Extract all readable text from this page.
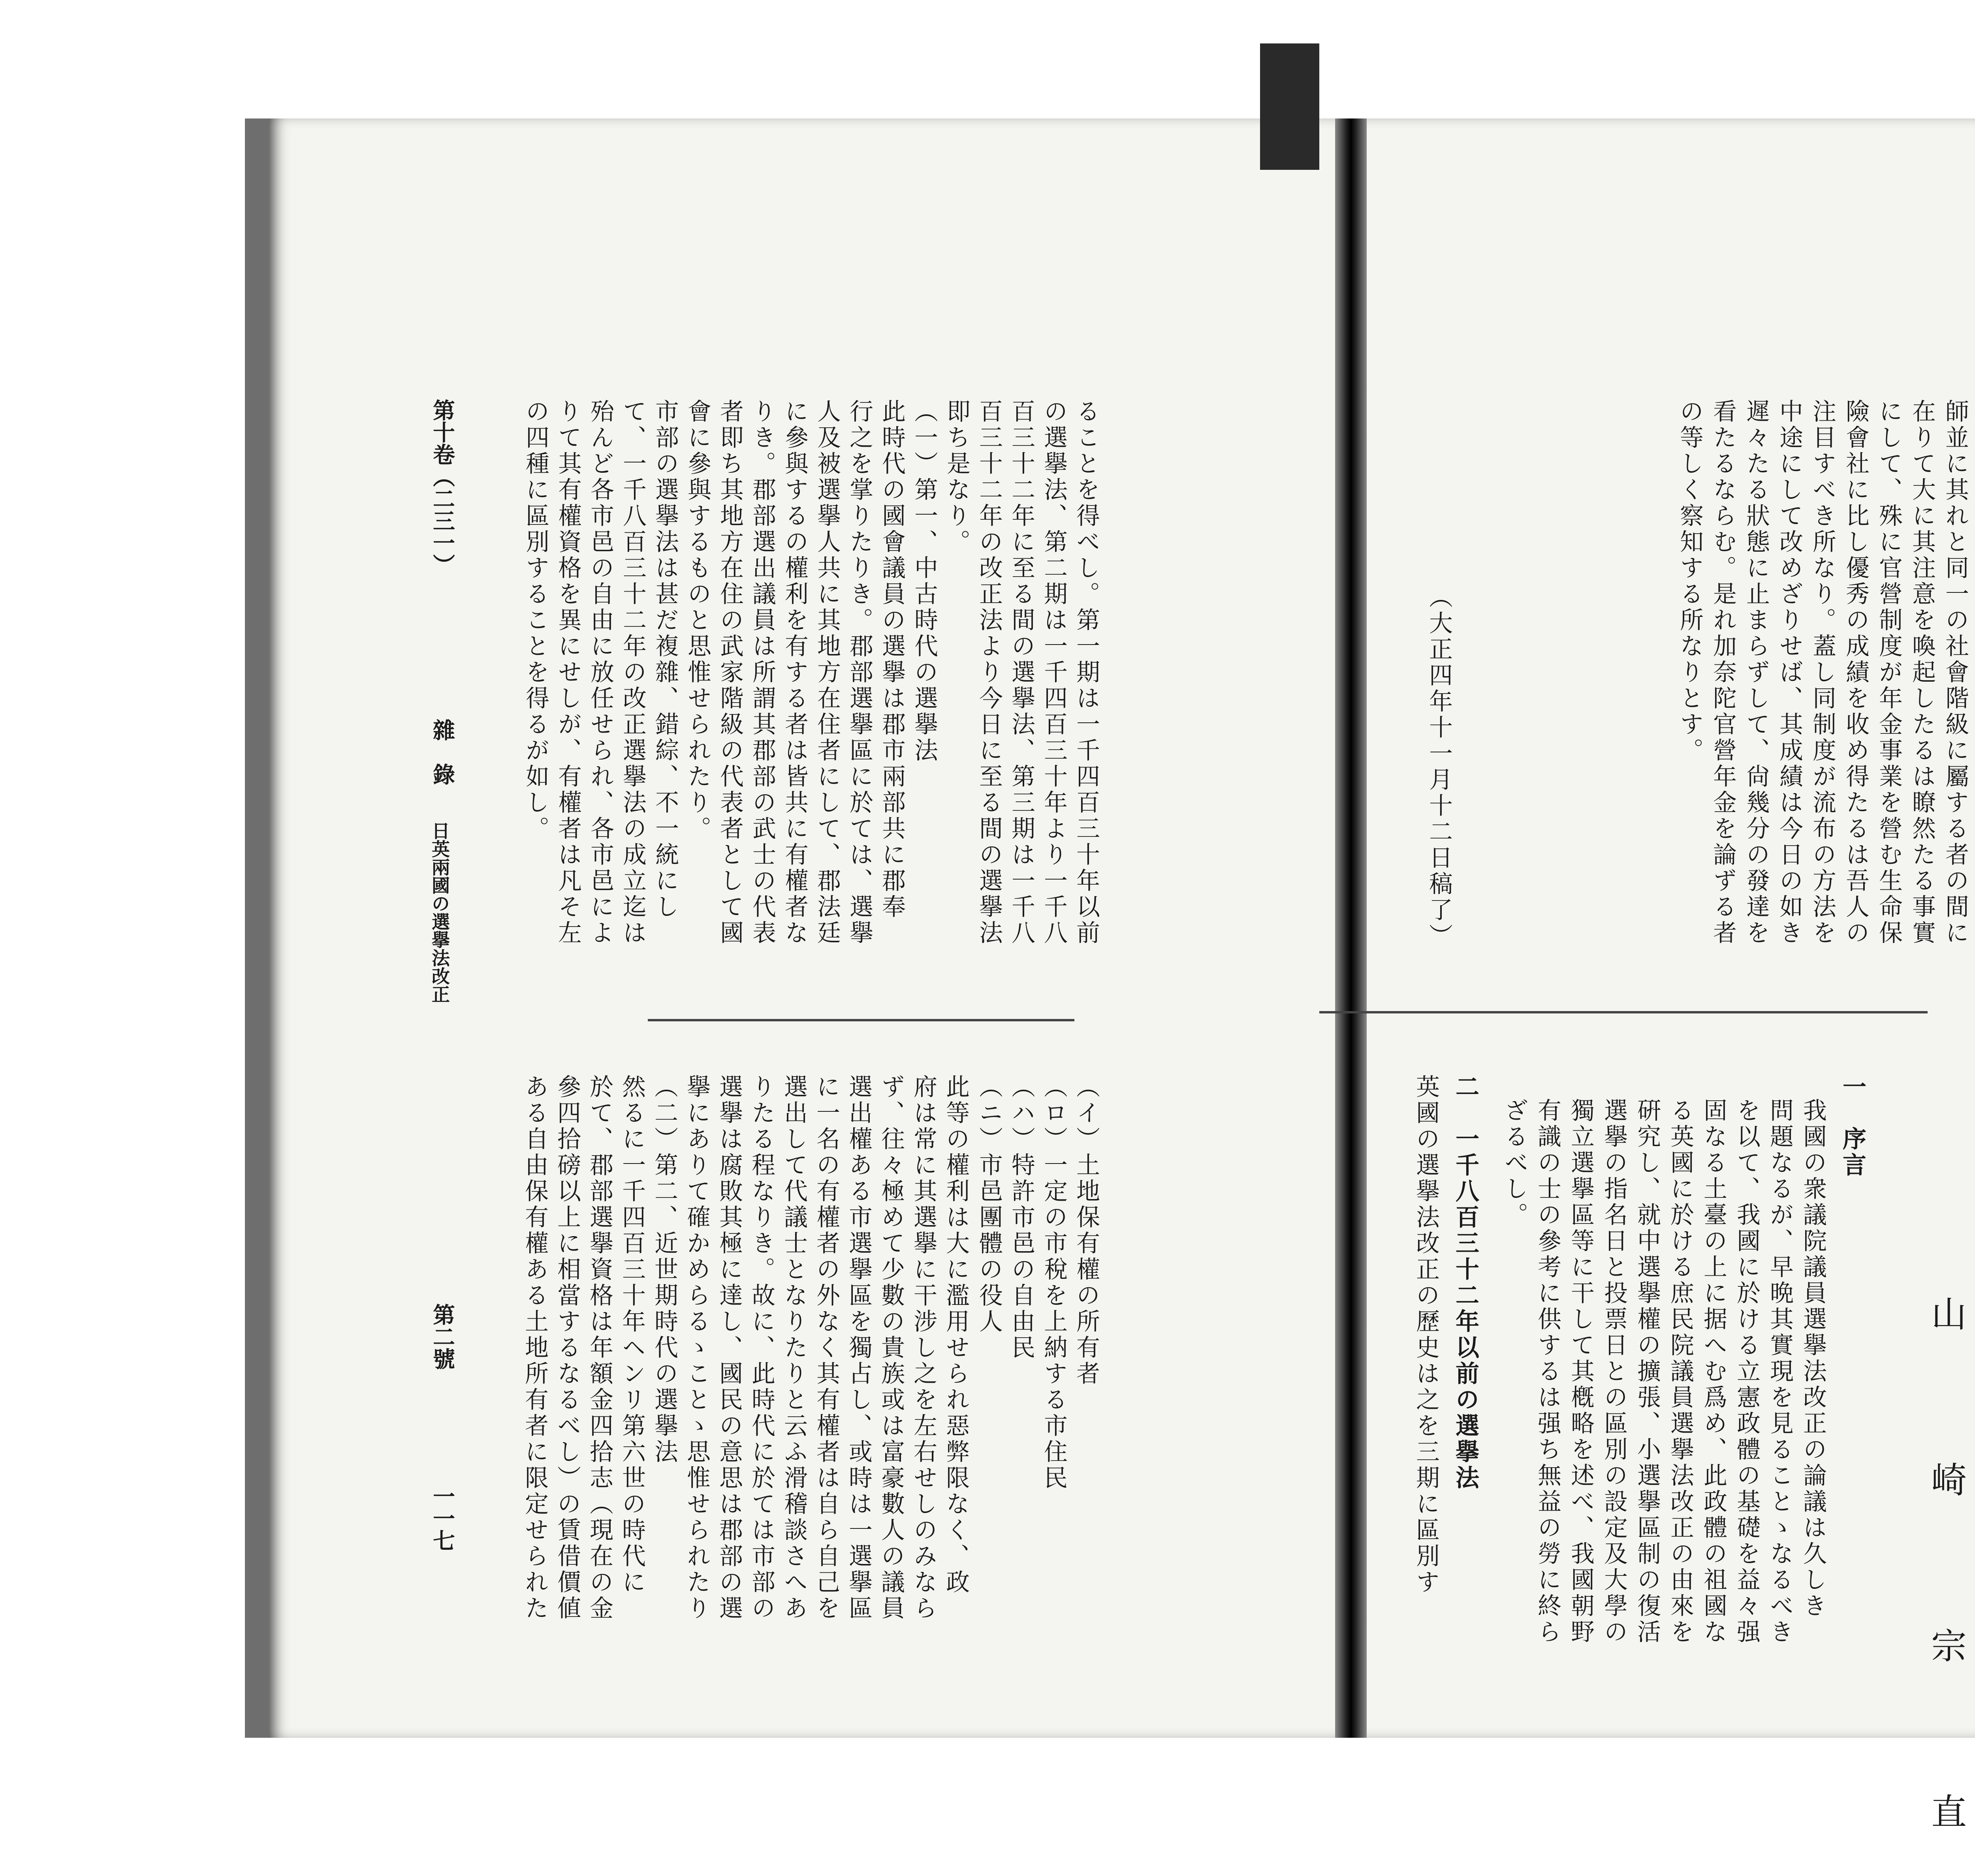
山　崎　宗　直
（大正四年十一月十二日稿了）
第十卷（二三一）
雜　錄
日英兩國の選擧法改正
第二號
一一七
師並に其れと同一の社會階級に屬する者の間に
在りて大に其注意を喚起したるは瞭然たる事實
にして、殊に官營制度が年金事業を營む生命保
險會社に比し優秀の成績を收め得たるは吾人の
注目すべき所なり。蓋し同制度が流布の方法を
中途にして改めざりせば、其成績は今日の如き
遲々たる狀態に止まらずして、尙幾分の發達を
看たるならむ。是れ加奈陀官營年金を論ずる者
の等しく察知する所なりとす。
一　序言
我國の衆議院議員選擧法改正の論議は久しき
問題なるが、早晩其實現を見ることゝなるべき
を以て、我國に於ける立憲政體の基礎を益々强
固なる土臺の上に据へむ爲め、此政體の祖國な
る英國に於ける庶民院議員選擧法改正の由來を
硏究し、就中選擧權の擴張、小選擧區制の復活
選擧の指名日と投票日との區別の設定及大學の
獨立選擧區等に干して其槪略を述べ、我國朝野
有識の士の參考に供するは强ち無益の勞に終ら
ざるべし。
二　一千八百三十二年以前の選擧法
英國の選擧法改正の歷史は之を三期に區別す
ることを得べし。第一期は一千四百三十年以前
の選擧法、第二期は一千四百三十年より一千八
百三十二年に至る間の選擧法、第三期は一千八
百三十二年の改正法より今日に至る間の選擧法
即ち是なり。
（一）第一、中古時代の選擧法
此時代の國會議員の選擧は郡市兩部共に郡奉
行之を掌りたりき。郡部選擧區に於ては、選擧
人及被選擧人共に其地方在住者にして、郡法廷
に參與するの權利を有する者は皆共に有權者な
りき。郡部選出議員は所謂其郡部の武士の代表
者即ち其地方在住の武家階級の代表者として國
會に參與するものと思惟せられたり。
市部の選擧法は甚だ複雜、錯綜、不一統にし
て、一千八百三十二年の改正選擧法の成立迄は
殆んど各市邑の自由に放任せられ、各市邑によ
りて其有權資格を異にせしが、有權者は凡そ左
の四種に區別することを得るが如し。
（イ）土地保有權の所有者
（ロ）一定の市稅を上納する市住民
（ハ）特許市邑の自由民
（ニ）市邑團體の役人
此等の權利は大に濫用せられ惡弊限なく、政
府は常に其選擧に干涉し之を左右せしのみなら
ず、往々極めて少數の貴族或は富豪數人の議員
選出權ある市選擧區を獨占し、或時は一選擧區
に一名の有權者の外なく其有權者は自ら自己を
選出して代議士となりたりと云ふ滑稽談さへあ
りたる程なりき。故に、此時代に於ては市部の
選擧は腐敗其極に達し、國民の意思は郡部の選
擧にありて確かめらるゝことゝ思惟せられたり
（二）第二、近世期時代の選擧法
然るに一千四百三十年ヘンリ第六世の時代に
於て、郡部選擧資格は年額金四拾志（現在の金
參四拾磅以上に相當するなるべし）の賃借價値
ある自由保有權ある土地所有者に限定せられた
